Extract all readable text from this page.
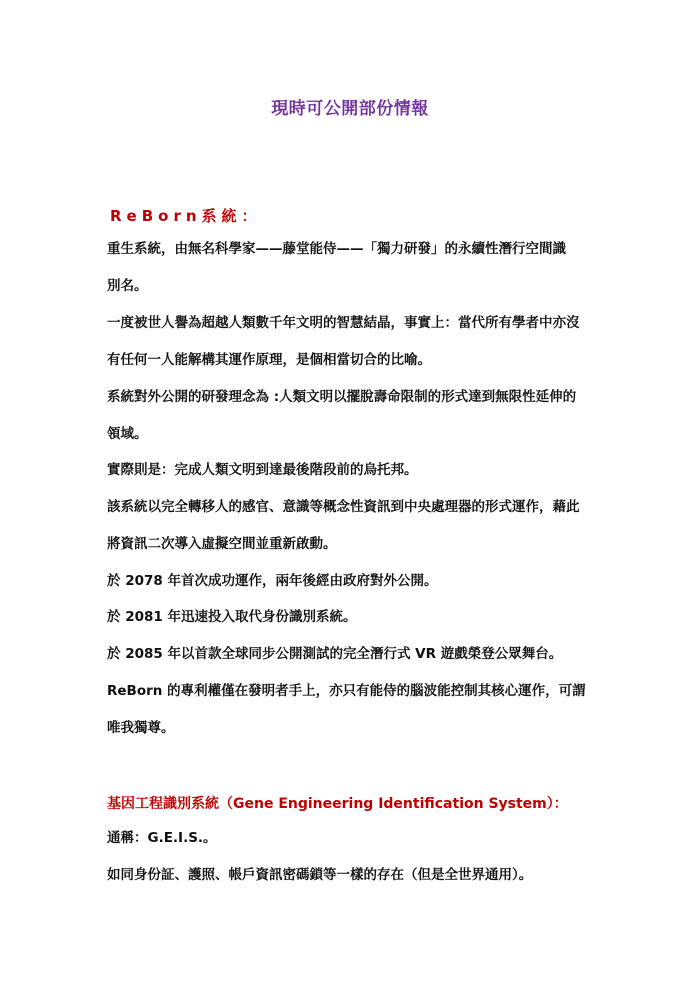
現時可公開部份情報
ReBorn系統：
重生系統，由無名科學家——藤堂能侍——「獨力研發」的永續性潛行空間識
別名。
一度被世人譽為超越人類數千年文明的智慧結晶，事實上：當代所有學者中亦沒
有任何一人能解構其運作原理，是個相當切合的比喻。
系統對外公開的研發理念為 :人類文明以擺脫壽命限制的形式達到無限性延伸的
領域。
實際則是：完成人類文明到達最後階段前的烏托邦。
該系統以完全轉移人的感官、意識等概念性資訊到中央處理器的形式運作，藉此
將資訊二次導入虛擬空間並重新啟動。
於 2078 年首次成功運作，兩年後經由政府對外公開。
於 2081 年迅速投入取代身份識別系統。
於 2085 年以首款全球同步公開測試的完全潛行式 VR 遊戲榮登公眾舞台。
ReBorn 的專利權僅在發明者手上，亦只有能侍的腦波能控制其核心運作，可謂
唯我獨尊。
基因工程識別系統（Gene Engineering Identification System）：
通稱：G.E.I.S.。
如同身份証、護照、帳戶資訊密碼鎖等一樣的存在（但是全世界通用）。
